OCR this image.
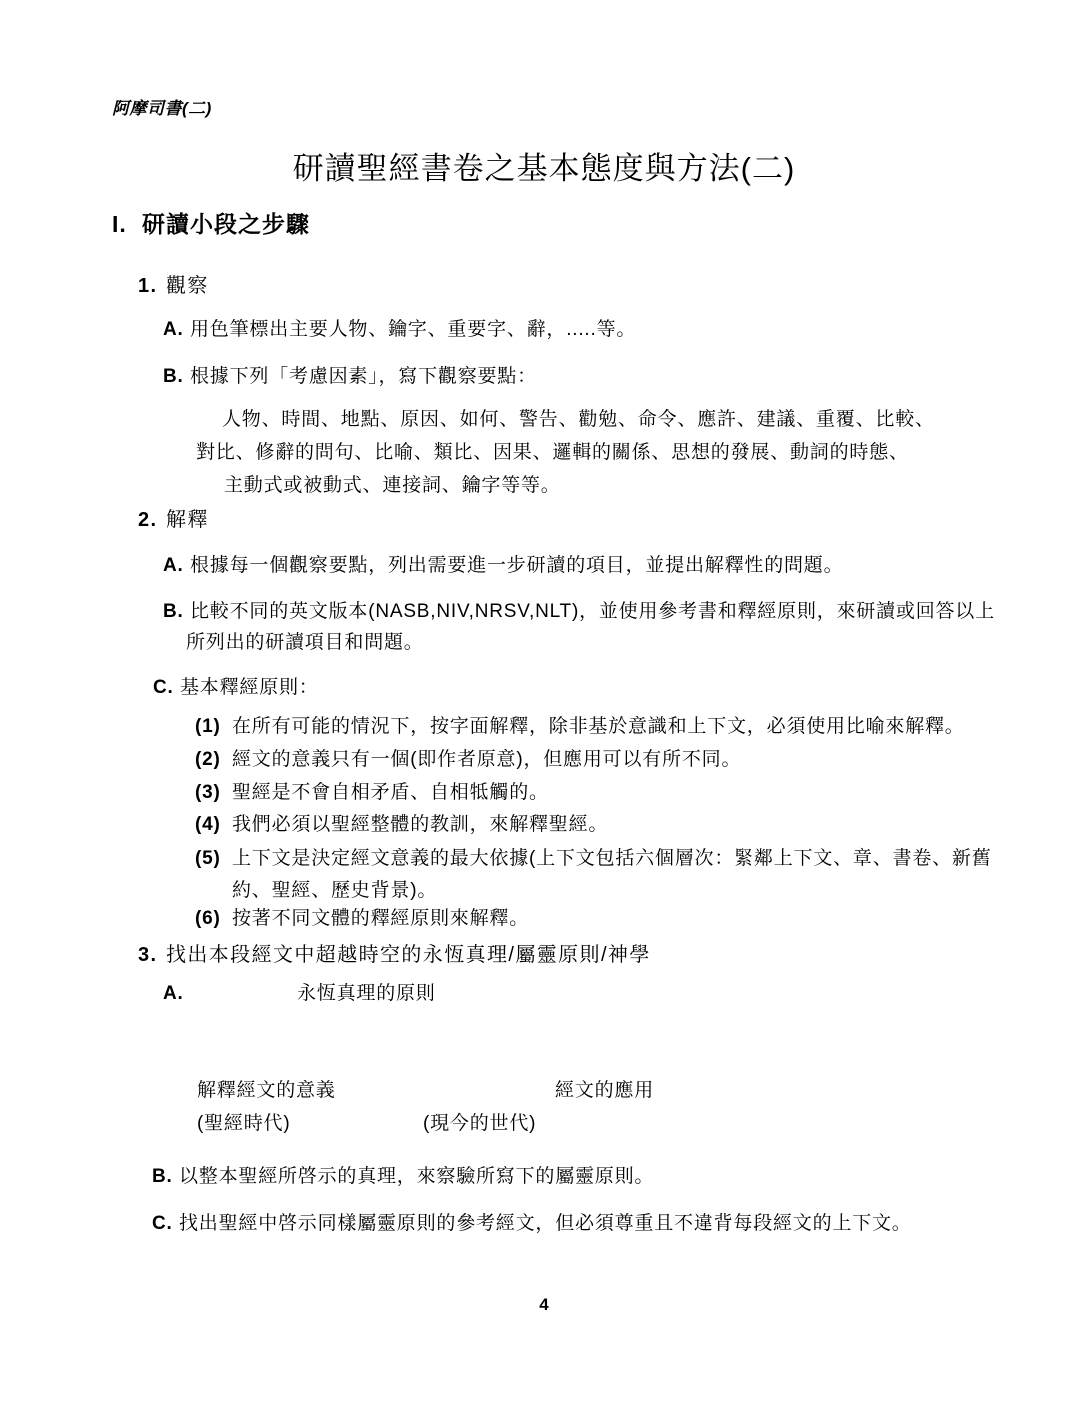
阿摩司書(二)
研讀聖經書卷之基本態度與方法(二)
I. 研讀小段之步驟
1. 觀察
A. 用色筆標出主要人物、鑰字、重要字、辭，.....等。
B. 根據下列「考慮因素」，寫下觀察要點：
人物、時間、地點、原因、如何、警告、勸勉、命令、應許、建議、重覆、比較、
對比、修辭的問句、比喻、類比、因果、邏輯的關係、思想的發展、動詞的時態、
主動式或被動式、連接詞、鑰字等等。
2. 解釋
A. 根據每一個觀察要點，列出需要進一步研讀的項目，並提出解釋性的問題。
B. 比較不同的英文版本(NASB,NIV,NRSV,NLT)，並使用參考書和釋經原則，來研讀或回答以上
所列出的研讀項目和問題。
C. 基本釋經原則：
(1) 在所有可能的情況下，按字面解釋，除非基於意識和上下文，必須使用比喻來解釋。
(2) 經文的意義只有一個(即作者原意)，但應用可以有所不同。
(3) 聖經是不會自相矛盾、自相牴觸的。
(4) 我們必須以聖經整體的教訓，來解釋聖經。
(5) 上下文是決定經文意義的最大依據(上下文包括六個層次：緊鄰上下文、章、書卷、新舊
約、聖經、歷史背景)。
(6) 按著不同文體的釋經原則來解釋。
3. 找出本段經文中超越時空的永恆真理/屬靈原則/神學
A.	永恆真理的原則
解釋經文的意義	經文的應用
(聖經時代)	(現今的世代)
B. 以整本聖經所啓示的真理，來察驗所寫下的屬靈原則。
C. 找出聖經中啓示同樣屬靈原則的參考經文，但必須尊重且不違背每段經文的上下文。
4
